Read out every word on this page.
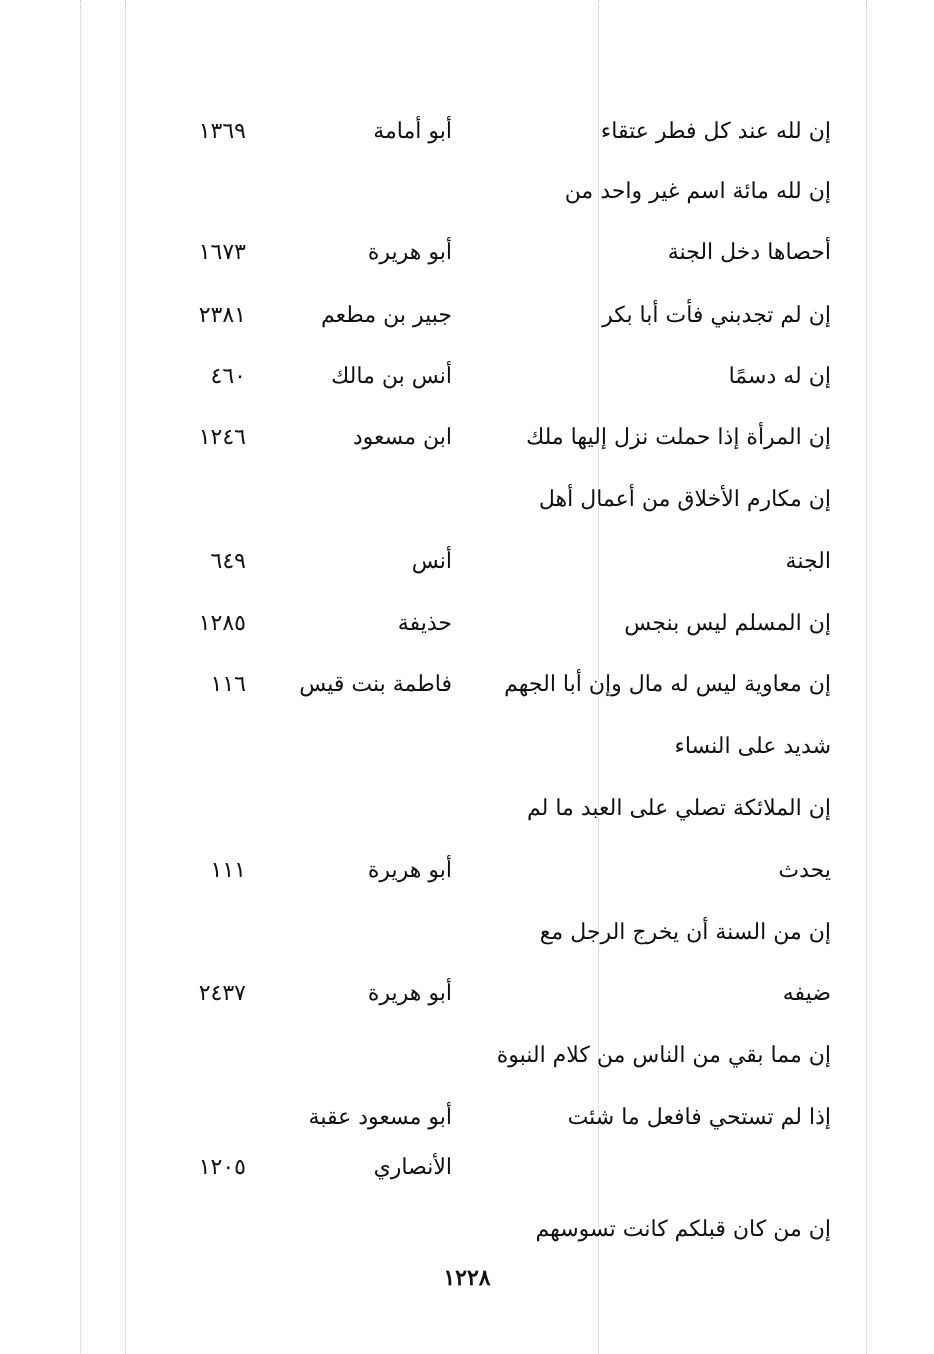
إن لله عند كل فطر عتقاء
أبو أمامة
١٣٦٩
إن لله مائة اسم غير واحد من
أحصاها دخل الجنة
أبو هريرة
١٦٧٣
إن لم تجدبني فأت أبا بكر
جبير بن مطعم
٢٣٨١
إن له دسمًا
أنس بن مالك
٤٦٠
إن المرأة إذا حملت نزل إليها ملك
ابن مسعود
١٢٤٦
إن مكارم الأخلاق من أعمال أهل
الجنة
أنس
٦٤٩
إن المسلم ليس بنجس
حذيفة
١٢٨٥
إن معاوية ليس له مال وإن أبا الجهم
فاطمة بنت قيس
١١٦
شديد على النساء
إن الملائكة تصلي على العبد ما لم
يحدث
أبو هريرة
١١١
إن من السنة أن يخرج الرجل مع
ضيفه
أبو هريرة
٢٤٣٧
إن مما بقي من الناس من كلام النبوة
إذا لم تستحي فافعل ما شئت
أبو مسعود عقبة
الأنصاري
١٢٠٥
إن من كان قبلكم كانت تسوسهم
١٢٢٨
